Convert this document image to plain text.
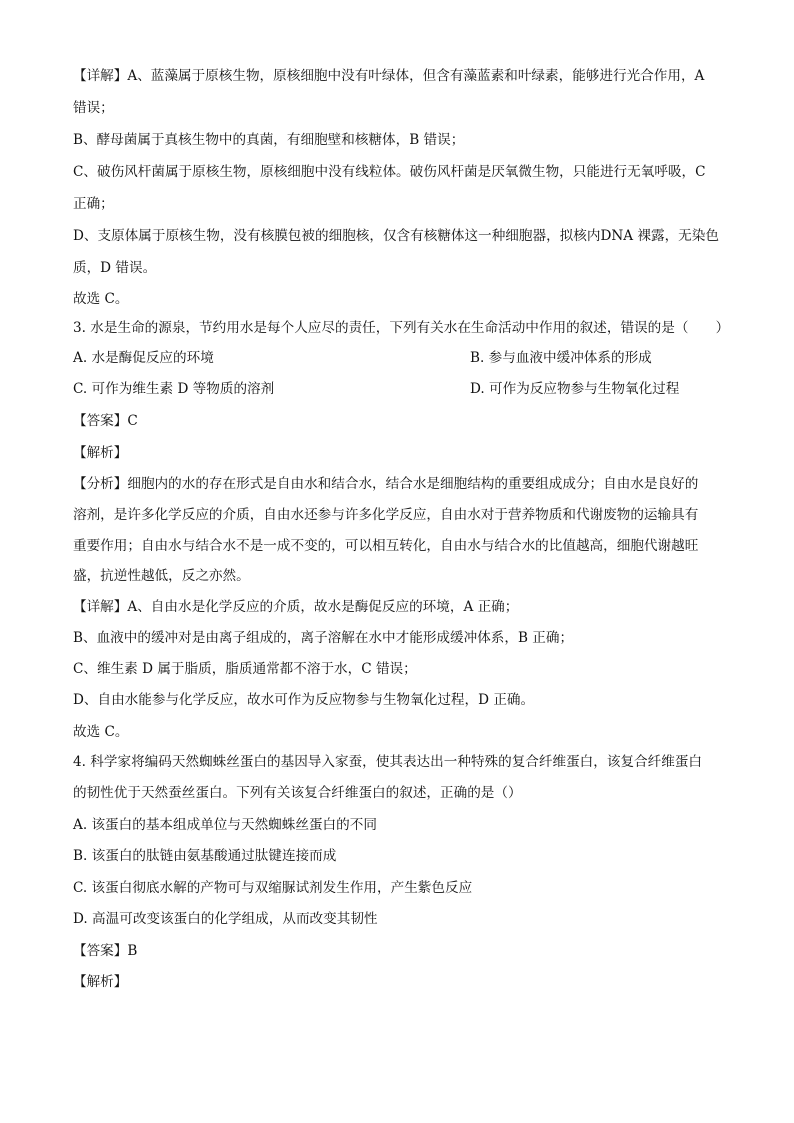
【详解】A、蓝藻属于原核生物，原核细胞中没有叶绿体，但含有藻蓝素和叶绿素，能够进行光合作用，A
错误；
B、酵母菌属于真核生物中的真菌，有细胞壁和核糖体，B 错误；
C、破伤风杆菌属于原核生物，原核细胞中没有线粒体。破伤风杆菌是厌氧微生物，只能进行无氧呼吸，C
正确；
D、支原体属于原核生物，没有核膜包被的细胞核，仅含有核糖体这一种细胞器，拟核内DNA 裸露，无染色
质，D 错误。
故选 C。
3. 水是生命的源泉，节约用水是每个人应尽的责任，下列有关水在生命活动中作用的叙述，错误的是（　　）
A. 水是酶促反应的环境	B. 参与血液中缓冲体系的形成
C. 可作为维生素 D 等物质的溶剂	D. 可作为反应物参与生物氧化过程
【答案】C
【解析】
【分析】细胞内的水的存在形式是自由水和结合水，结合水是细胞结构的重要组成成分；自由水是良好的
溶剂，是许多化学反应的介质，自由水还参与许多化学反应，自由水对于营养物质和代谢废物的运输具有
重要作用；自由水与结合水不是一成不变的，可以相互转化，自由水与结合水的比值越高，细胞代谢越旺
盛，抗逆性越低，反之亦然。
【详解】A、自由水是化学反应的介质，故水是酶促反应的环境，A 正确；
B、血液中的缓冲对是由离子组成的，离子溶解在水中才能形成缓冲体系，B 正确；
C、维生素 D 属于脂质，脂质通常都不溶于水，C 错误；
D、自由水能参与化学反应，故水可作为反应物参与生物氧化过程，D 正确。
故选 C。
4. 科学家将编码天然蜘蛛丝蛋白的基因导入家蚕，使其表达出一种特殊的复合纤维蛋白，该复合纤维蛋白
的韧性优于天然蚕丝蛋白。下列有关该复合纤维蛋白的叙述，正确的是（）
A. 该蛋白的基本组成单位与天然蜘蛛丝蛋白的不同
B. 该蛋白的肽链由氨基酸通过肽键连接而成
C. 该蛋白彻底水解的产物可与双缩脲试剂发生作用，产生紫色反应
D. 高温可改变该蛋白的化学组成，从而改变其韧性
【答案】B
【解析】
